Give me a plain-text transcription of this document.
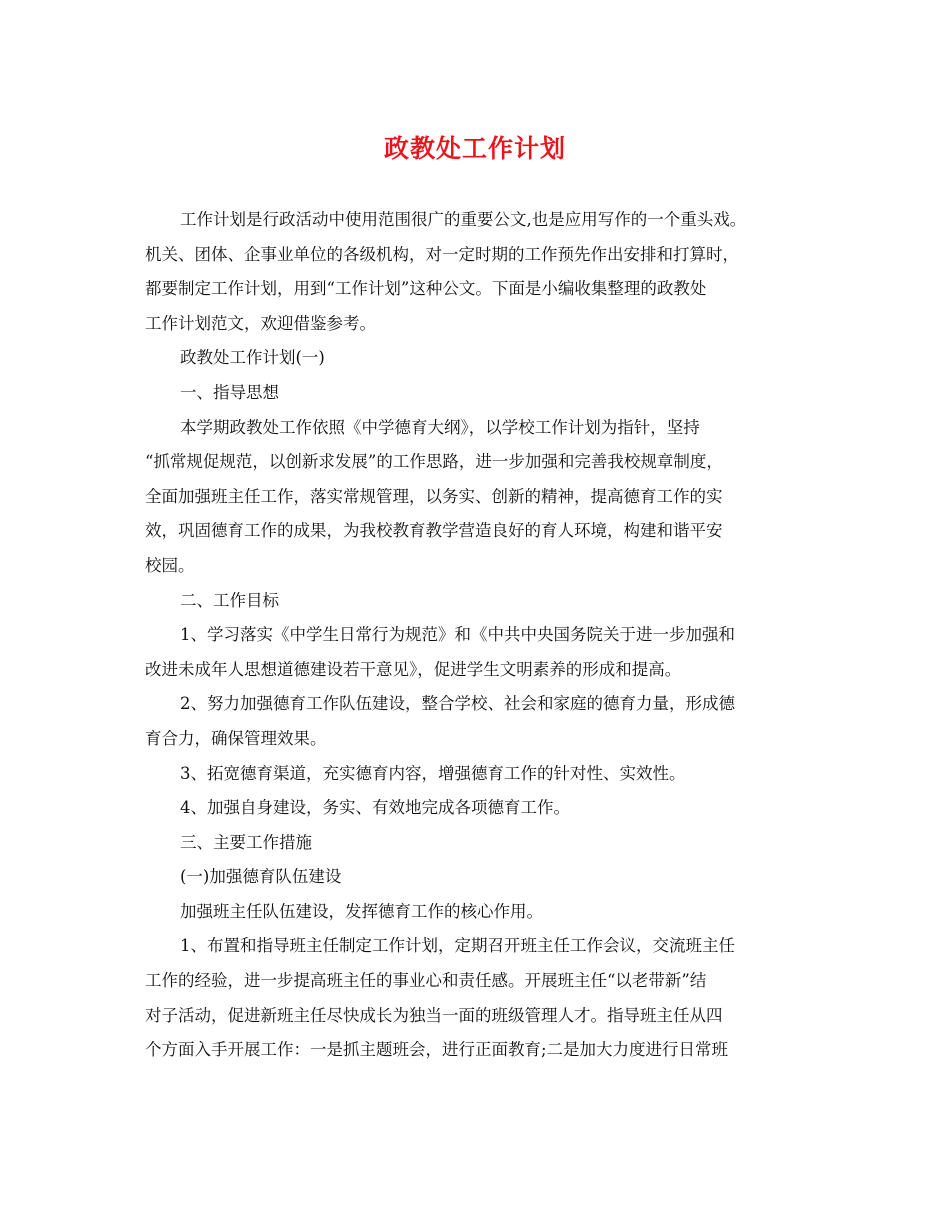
政教处工作计划
工作计划是行政活动中使用范围很广的重要公文,也是应用写作的一个重头戏。
机关、团体、企事业单位的各级机构，对一定时期的工作预先作出安排和打算时，
都要制定工作计划，用到“工作计划”这种公文。下面是小编收集整理的政教处
工作计划范文，欢迎借鉴参考。
政教处工作计划(一)
一、指导思想
本学期政教处工作依照《中学德育大纲》，以学校工作计划为指针，坚持
“抓常规促规范，以创新求发展”的工作思路，进一步加强和完善我校规章制度，
全面加强班主任工作，落实常规管理，以务实、创新的精神，提高德育工作的实
效，巩固德育工作的成果，为我校教育教学营造良好的育人环境，构建和谐平安
校园。
二、工作目标
1、学习落实《中学生日常行为规范》和《中共中央国务院关于进一步加强和
改进未成年人思想道德建设若干意见》，促进学生文明素养的形成和提高。
2、努力加强德育工作队伍建设，整合学校、社会和家庭的德育力量，形成德
育合力，确保管理效果。
3、拓宽德育渠道，充实德育内容，增强德育工作的针对性、实效性。
4、加强自身建设，务实、有效地完成各项德育工作。
三、主要工作措施
(一)加强德育队伍建设
加强班主任队伍建设，发挥德育工作的核心作用。
1、布置和指导班主任制定工作计划，定期召开班主任工作会议，交流班主任
工作的经验，进一步提高班主任的事业心和责任感。开展班主任“以老带新”结
对子活动，促进新班主任尽快成长为独当一面的班级管理人才。指导班主任从四
个方面入手开展工作：一是抓主题班会，进行正面教育;二是加大力度进行日常班
